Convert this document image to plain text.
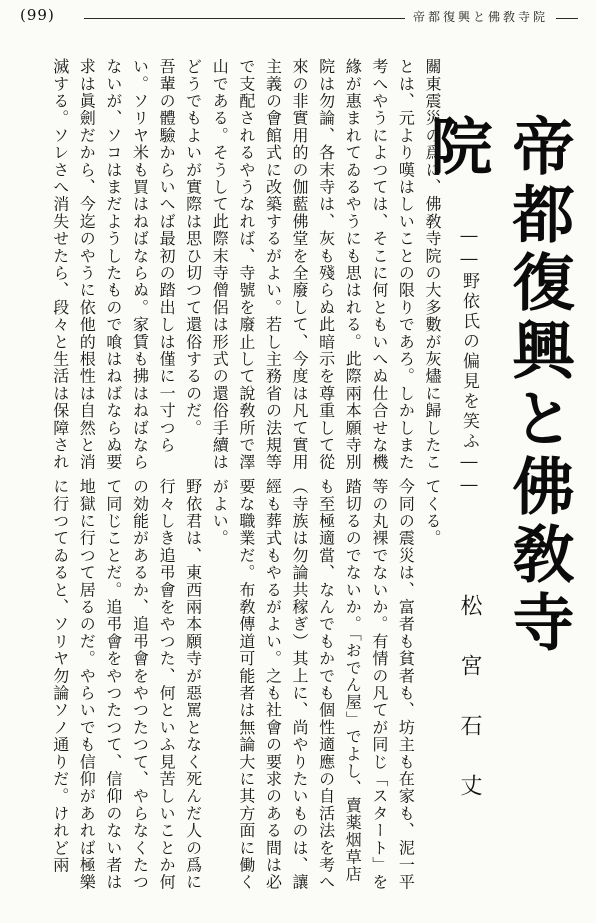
(99)	帝都復興と佛敎寺院
帝都復興と佛敎寺院
――野依氏の偏見を笑ふ――
松宮石丈

關東震災の爲に、佛敎寺院の大多數が灰燼に歸したことは、元より嘆はしいことの限りであろ。しかしまた考へやうによつては、そこに何ともいへぬ仕合せな機緣が惠まれてゐるやうにも思はれる。此際兩本願寺別院は勿論、各末寺は、灰も殘らぬ此暗示を尊重して從來の非實用的の伽藍佛堂を全廢して、今度は凡て實用主義の會館式に改築するがよい。若し主務省の法規等で支配されるやうなれば、寺號を廢止して說敎所で澤山である。そうして此際末寺僧侶は形式の還俗手續はどうでもよいが實際は思ひ切つて還俗するのだ。

吾輩の體驗からいへば最初の踏出しは僅に一寸つらい。ソリヤ米も買はねばならぬ。家賃も拂はねばならないが、ソコはまだようしたもので喰はねばならぬ要求は眞劍だから、今迄のやうに依他的根性は自然と消滅する。ソレさへ消失せたら、段々と生活は保障され

てくる。

今同の震災は、富者も貧者も、坊主も在家も、泥一平等の丸裸でないか。有情の凡てが同じ「スタート」を踏切るのでないか。「おでん屋」でよし、賣薬烟草店も至極適當、なんでもかでも個性適應の自活法を考へ（寺族は勿論共稼ぎ）其上に、尚やりたいものは、讓經も葬式もやるがよい。之も社會の要求のある間は必要な職業だ。布敎傳道可能者は無論大に其方面に働くがよい。

野依君は、東西兩本願寺が惡罵となく死んだ人の爲に行々しき追弔會をやつた、何といふ見苦しいことか何の効能があるか、追弔會をやつたつて、やらなくたつて同じことだ。追弔會をやつたつて、信仰のない者は地獄に行つて居るのだ。やらいでも信仰があれば極樂に行つてゐると、ソリヤ勿論ソノ通りだ。けれど兩
